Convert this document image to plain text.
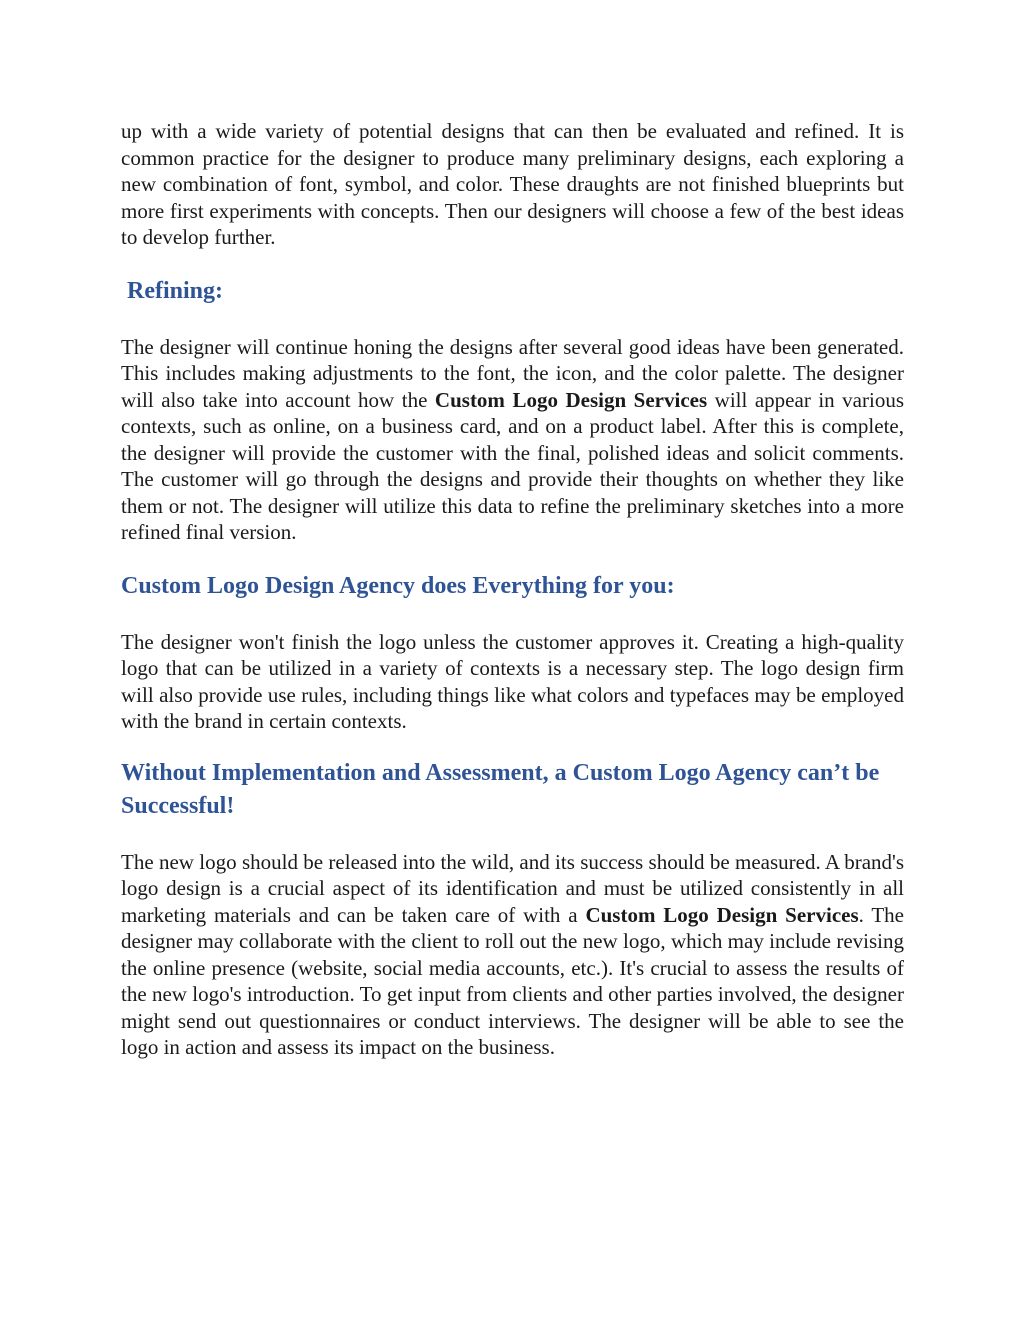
up with a wide variety of potential designs that can then be evaluated and refined. It is common practice for the designer to produce many preliminary designs, each exploring a new combination of font, symbol, and color. These draughts are not finished blueprints but more first experiments with concepts. Then our designers will choose a few of the best ideas to develop further.

Refining:

The designer will continue honing the designs after several good ideas have been generated. This includes making adjustments to the font, the icon, and the color palette. The designer will also take into account how the Custom Logo Design Services will appear in various contexts, such as online, on a business card, and on a product label. After this is complete, the designer will provide the customer with the final, polished ideas and solicit comments. The customer will go through the designs and provide their thoughts on whether they like them or not. The designer will utilize this data to refine the preliminary sketches into a more refined final version.

Custom Logo Design Agency does Everything for you:

The designer won't finish the logo unless the customer approves it. Creating a high-quality logo that can be utilized in a variety of contexts is a necessary step. The logo design firm will also provide use rules, including things like what colors and typefaces may be employed with the brand in certain contexts.

Without Implementation and Assessment, a Custom Logo Agency can’t be Successful!

The new logo should be released into the wild, and its success should be measured. A brand's logo design is a crucial aspect of its identification and must be utilized consistently in all marketing materials and can be taken care of with a Custom Logo Design Services. The designer may collaborate with the client to roll out the new logo, which may include revising the online presence (website, social media accounts, etc.). It's crucial to assess the results of the new logo's introduction. To get input from clients and other parties involved, the designer might send out questionnaires or conduct interviews. The designer will be able to see the logo in action and assess its impact on the business.
